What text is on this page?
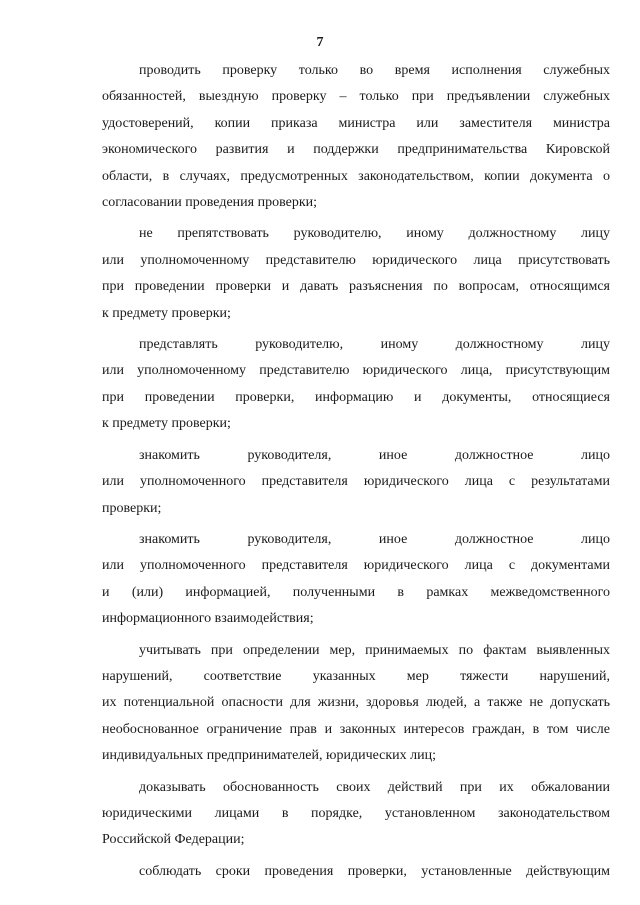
7

проводить проверку только во время исполнения служебных
обязанностей, выездную проверку – только при предъявлении служебных
удостоверений, копии приказа министра или заместителя министра
экономического развития и поддержки предпринимательства Кировской
области, в случаях, предусмотренных законодательством, копии документа о
согласовании проведения проверки;

не препятствовать руководителю, иному должностному лицу
или уполномоченному представителю юридического лица присутствовать
при проведении проверки и давать разъяснения по вопросам, относящимся
к предмету проверки;

представлять руководителю, иному должностному лицу
или уполномоченному представителю юридического лица, присутствующим
при проведении проверки, информацию и документы, относящиеся
к предмету проверки;

знакомить руководителя, иное должностное лицо
или уполномоченного представителя юридического лица с результатами
проверки;

знакомить руководителя, иное должностное лицо
или уполномоченного представителя юридического лица с документами
и (или) информацией, полученными в рамках межведомственного
информационного взаимодействия;

учитывать при определении мер, принимаемых по фактам выявленных
нарушений, соответствие указанных мер тяжести нарушений,
их потенциальной опасности для жизни, здоровья людей, а также не допускать
необоснованное ограничение прав и законных интересов граждан, в том числе
индивидуальных предпринимателей, юридических лиц;

доказывать обоснованность своих действий при их обжаловании
юридическими лицами в порядке, установленном законодательством
Российской Федерации;

соблюдать сроки проведения проверки, установленные действующим
